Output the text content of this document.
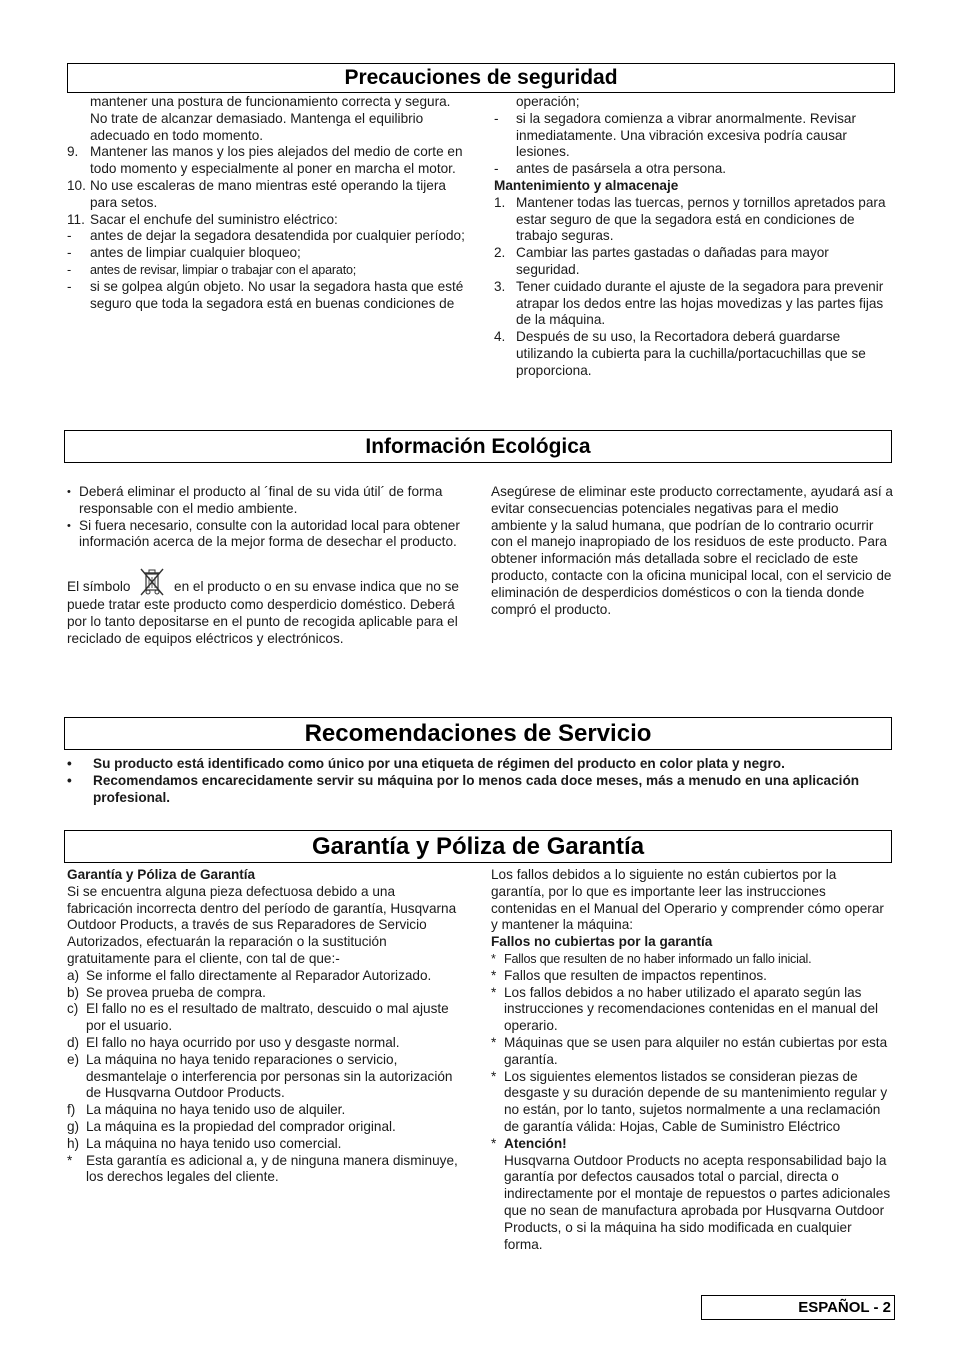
Precauciones de seguridad
mantener una postura de funcionamiento correcta y segura. No trate de alcanzar demasiado. Mantenga el equilibrio adecuado en todo momento.
9. Mantener las manos y los pies alejados del medio de corte en todo momento y especialmente al poner en marcha el motor.
10. No use escaleras de mano mientras esté operando la tijera para setos.
11. Sacar el enchufe del suministro eléctrico:
-	antes de dejar la segadora desatendida por cualquier período;
-	antes de limpiar cualquier bloqueo;
-	antes de revisar, limpiar o trabajar con el aparato;
-	si se golpea algún objeto. No usar la segadora hasta que esté seguro que toda la segadora está en buenas condiciones de
operación;
-	si la segadora comienza a vibrar anormalmente. Revisar inmediatamente. Una vibración excesiva podría causar lesiones.
-	antes de pasársela a otra persona.

Mantenimiento y almacenaje

1. Mantener todas las tuercas, pernos y tornillos apretados para estar seguro de que la segadora está en condiciones de trabajo seguras.
2. Cambiar las partes gastadas o dañadas para mayor seguridad.
3. Tener cuidado durante el ajuste de la segadora para prevenir atrapar los dedos entre las hojas movedizas y las partes fijas de la máquina.
4. Después de su uso, la Recortadora deberá guardarse utilizando la cubierta para la cuchilla/portacuchillas que se proporciona.
Información Ecológica
• Deberá eliminar el producto al ´final de su vida útil´ de forma responsable con el medio ambiente.
• Si fuera necesario, consulte con la autoridad local para obtener información acerca de la mejor forma de desechar el producto.

El símbolo	en el producto o en su envase indica que no se puede tratar este producto como desperdicio doméstico. Deberá por lo tanto depositarse en el punto de recogida aplicable para el reciclado de equipos eléctricos y electrónicos.

Asegúrese de eliminar este producto correctamente, ayudará así a evitar consecuencias potenciales negativas para el medio ambiente y la salud humana, que podrían de lo contrario ocurrir con el manejo inapropiado de los residuos de este producto. Para obtener información más detallada sobre el reciclado de este producto, contacte con la oficina municipal local, con el servicio de eliminación de desperdicios domésticos o con la tienda donde compró el producto.

Recomendaciones de Servicio
•	Su producto está identificado como único por una etiqueta de régimen del producto en color plata y negro.
•	Recomendamos encarecidamente servir su máquina por lo menos cada doce meses, más a menudo en una aplicación profesional.
Garantía y Póliza de Garantía

Garantía y Póliza de Garantía

Si se encuentra alguna pieza defectuosa debido a una fabricación incorrecta dentro del período de garantía, Husqvarna Outdoor Products, a través de sus Reparadores de Servicio Autorizados, efectuarán la reparación o la sustitución gratuitamente para el cliente, con tal de que:-

a) Se informe el fallo directamente al Reparador Autorizado.
b) Se provea prueba de compra.
c) El fallo no es el resultado de maltrato, descuido o mal ajuste por el usuario.
d) El fallo no haya ocurrido por uso y desgaste normal.
e) La máquina no haya tenido reparaciones o servicio, desmantelaje o interferencia por personas sin la autorización de Husqvarna Outdoor Products.
f) La máquina no haya tenido uso de alquiler.
g) La máquina es la propiedad del comprador original.
h) La máquina no haya tenido uso comercial.
*	Esta garantía es adicional a, y de ninguna manera disminuye, los derechos legales del cliente.

Los fallos debidos a lo siguiente no están cubiertos por la garantía, por lo que es importante leer las instrucciones contenidas en el Manual del Operario y comprender cómo operar y mantener la máquina:

Fallos no cubiertas por la garantía

* Fallos que resulten de no haber informado un fallo inicial.
* Fallos que resulten de impactos repentinos.
* Los fallos debidos a no haber utilizado el aparato según las instrucciones y recomendaciones contenidas en el manual del operario.
* Máquinas que se usen para alquiler no están cubiertas por esta garantía.
* Los siguientes elementos listados se consideran piezas de desgaste y su duración depende de su mantenimiento regular y no están, por lo tanto, sujetos normalmente a una reclamación de garantía válida: Hojas, Cable de Suministro Eléctrico
* Atención!
Husqvarna Outdoor Products no acepta responsabilidad bajo la garantía por defectos causados total o parcial, directa o indirectamente por el montaje de repuestos o partes adicionales que no sean de manufactura aprobada por Husqvarna Outdoor Products, o si la máquina ha sido modificada en cualquier forma.
ESPAÑOL - 2
